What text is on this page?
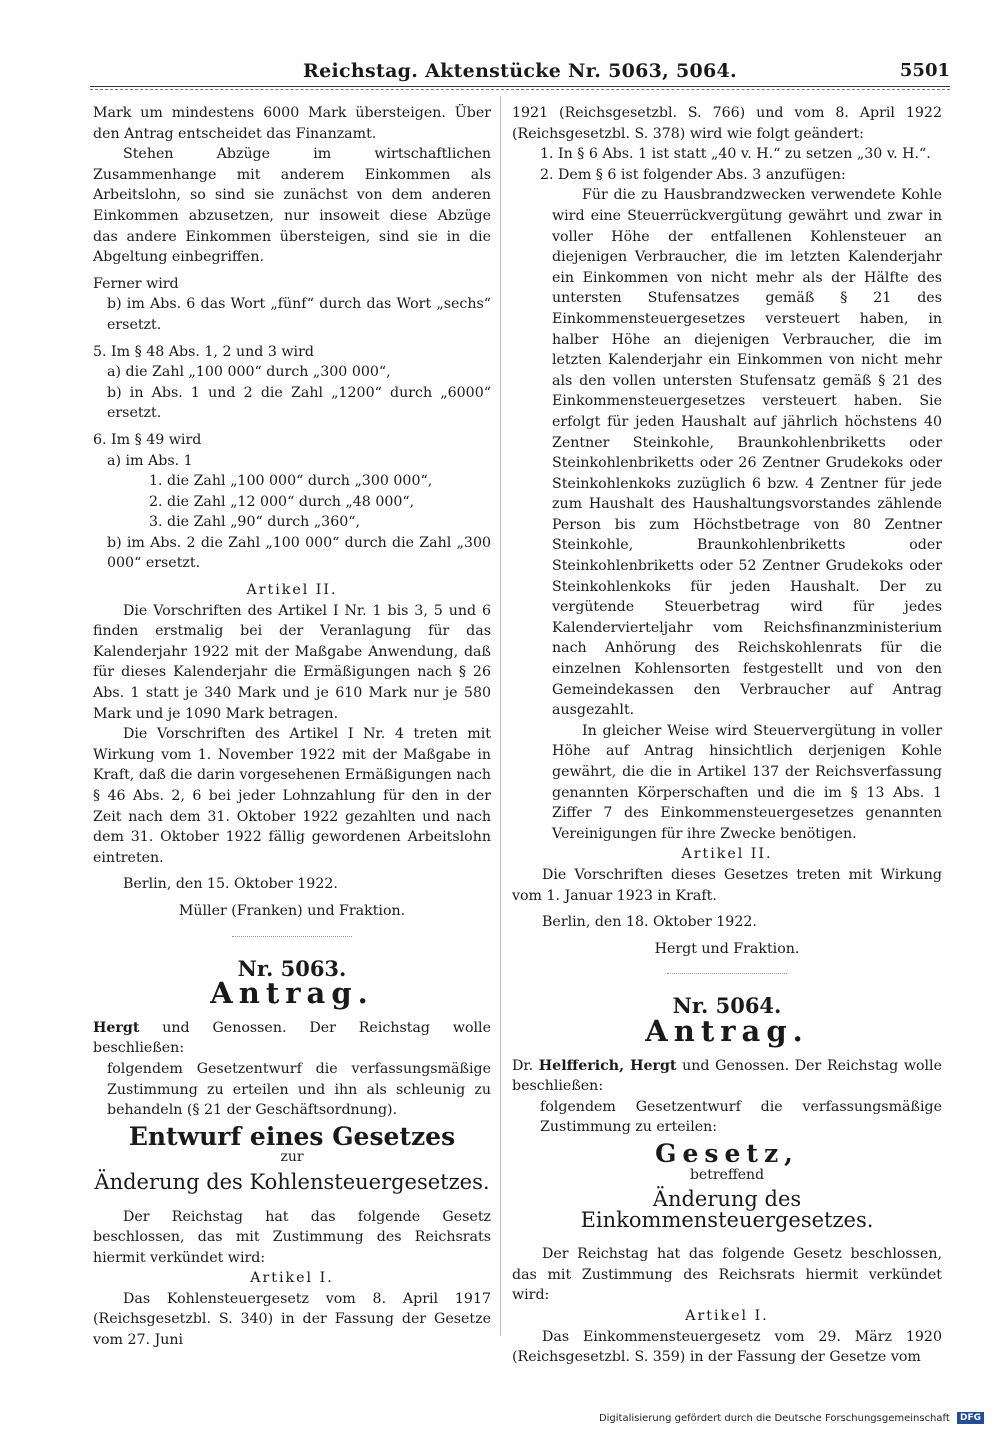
Reichstag. Aktenstücke Nr. 5063, 5064.	5501

Mark um mindestens 6000 Mark übersteigen. Über den Antrag entscheidet das Finanzamt.

Stehen Abzüge im wirtschaftlichen Zusammenhange mit anderem Einkommen als Arbeitslohn, so sind sie zunächst von dem anderen Einkommen abzusetzen, nur insoweit diese Abzüge das andere Einkommen übersteigen, sind sie in die Abgeltung einbegriffen.

Ferner wird

b) im Abs. 6 das Wort „fünf“ durch das Wort „sechs“ ersetzt.

5. Im § 48 Abs. 1, 2 und 3 wird

a) die Zahl „100 000“ durch „300 000“,

b) in Abs. 1 und 2 die Zahl „1200“ durch „6000“ ersetzt.

6. Im § 49 wird

a) im Abs. 1

1. die Zahl „100 000“ durch „300 000“,

2. die Zahl „12 000“ durch „48 000“,

3. die Zahl „90“ durch „360“,

b) im Abs. 2 die Zahl „100 000“ durch die Zahl „300 000“ ersetzt.

Artikel II.

Die Vorschriften des Artikel I Nr. 1 bis 3, 5 und 6 finden erstmalig bei der Veranlagung für das Kalenderjahr 1922 mit der Maßgabe Anwendung, daß für dieses Kalenderjahr die Ermäßigungen nach § 26 Abs. 1 statt je 340 Mark und je 610 Mark nur je 580 Mark und je 1090 Mark betragen.

Die Vorschriften des Artikel I Nr. 4 treten mit Wirkung vom 1. November 1922 mit der Maßgabe in Kraft, daß die darin vorgesehenen Ermäßigungen nach § 46 Abs. 2, 6 bei jeder Lohnzahlung für den in der Zeit nach dem 31. Oktober 1922 gezahlten und nach dem 31. Oktober 1922 fällig gewordenen Arbeitslohn eintreten.

Berlin, den 15. Oktober 1922.

Müller (Franken) und Fraktion.

Nr. 5063.
Antrag.

Hergt und Genossen. Der Reichstag wolle beschließen:

folgendem Gesetzentwurf die verfassungsmäßige Zustimmung zu erteilen und ihn als schleunig zu behandeln (§ 21 der Geschäftsordnung).

Entwurf eines Gesetzes
zur
Änderung des Kohlensteuergesetzes.

Der Reichstag hat das folgende Gesetz beschlossen, das mit Zustimmung des Reichsrats hiermit verkündet wird:

Artikel I.

Das Kohlensteuergesetz vom 8. April 1917 (Reichsgesetzbl. S. 340) in der Fassung der Gesetze vom 27. Juni

1921 (Reichsgesetzbl. S. 766) und vom 8. April 1922 (Reichsgesetzbl. S. 378) wird wie folgt geändert:

1. In § 6 Abs. 1 ist statt „40 v. H.“ zu setzen „30 v. H.“.

2. Dem § 6 ist folgender Abs. 3 anzufügen:

Für die zu Hausbrandzwecken verwendete Kohle wird eine Steuerrückvergütung gewährt und zwar in voller Höhe der entfallenen Kohlensteuer an diejenigen Verbraucher, die im letzten Kalenderjahr ein Einkommen von nicht mehr als der Hälfte des untersten Stufensatzes gemäß § 21 des Einkommensteuergesetzes versteuert haben, in halber Höhe an diejenigen Verbraucher, die im letzten Kalenderjahr ein Einkommen von nicht mehr als den vollen untersten Stufensatz gemäß § 21 des Einkommensteuergesetzes versteuert haben. Sie erfolgt für jeden Haushalt auf jährlich höchstens 40 Zentner Steinkohle, Braunkohlenbriketts oder Steinkohlenbriketts oder 26 Zentner Grudekoks oder Steinkohlenkoks zuzüglich 6 bzw. 4 Zentner für jede zum Haushalt des Haushaltungsvorstandes zählende Person bis zum Höchstbetrage von 80 Zentner Steinkohle, Braunkohlenbriketts oder Steinkohlenbriketts oder 52 Zentner Grudekoks oder Steinkohlenkoks für jeden Haushalt. Der zu vergütende Steuerbetrag wird für jedes Kalendervierteljahr vom Reichsfinanzministerium nach Anhörung des Reichskohlenrats für die einzelnen Kohlensorten festgestellt und von den Gemeindekassen den Verbraucher auf Antrag ausgezahlt.

In gleicher Weise wird Steuervergütung in voller Höhe auf Antrag hinsichtlich derjenigen Kohle gewährt, die die in Artikel 137 der Reichsverfassung genannten Körperschaften und die im § 13 Abs. 1 Ziffer 7 des Einkommensteuergesetzes genannten Vereinigungen für ihre Zwecke benötigen.

Artikel II.

Die Vorschriften dieses Gesetzes treten mit Wirkung vom 1. Januar 1923 in Kraft.

Berlin, den 18. Oktober 1922.

Hergt und Fraktion.

Nr. 5064.
Antrag.

Dr. Helfferich, Hergt und Genossen. Der Reichstag wolle beschließen:

folgendem Gesetzentwurf die verfassungsmäßige Zustimmung zu erteilen:

Gesetz,
betreffend
Änderung des Einkommensteuergesetzes.

Der Reichstag hat das folgende Gesetz beschlossen, das mit Zustimmung des Reichsrats hiermit verkündet wird:

Artikel I.

Das Einkommensteuergesetz vom 29. März 1920 (Reichsgesetzbl. S. 359) in der Fassung der Gesetze vom

Digitalisierung gefördert durch die Deutsche Forschungsgemeinschaft DFG
